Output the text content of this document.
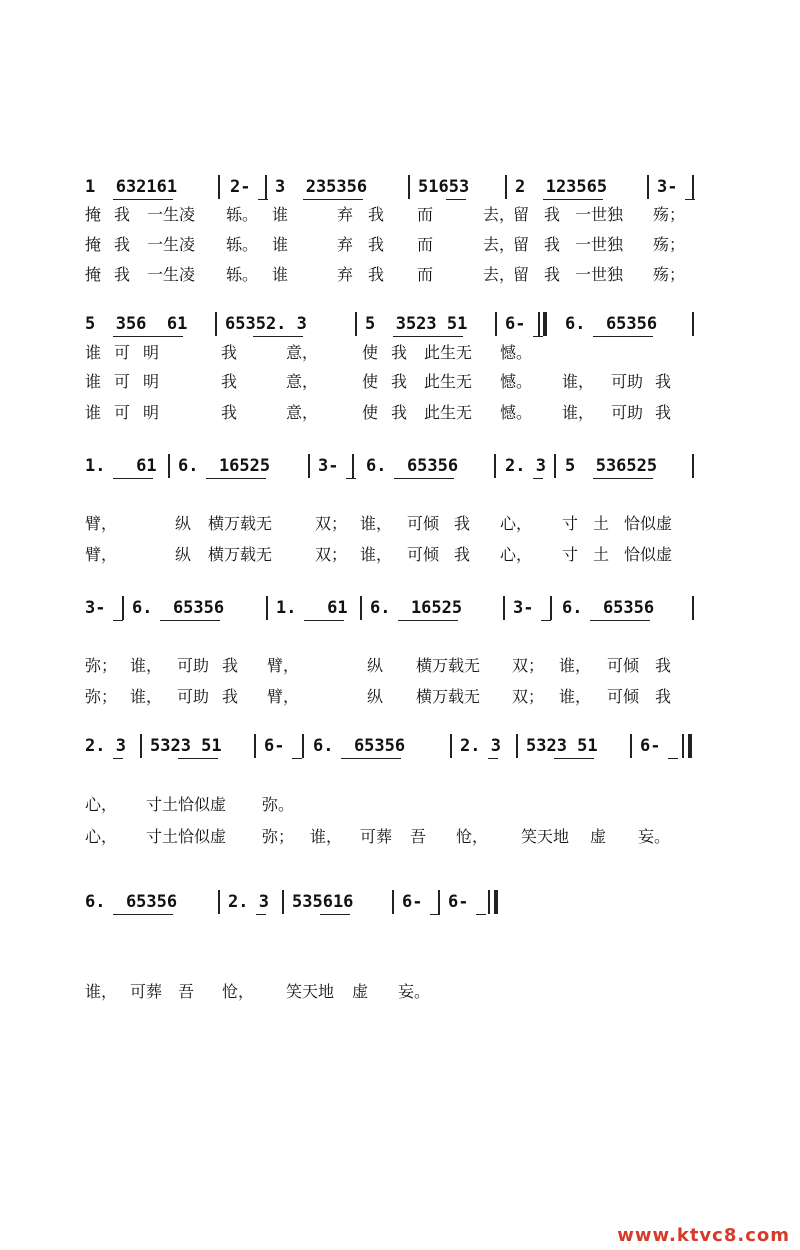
1  632161	2- 3  235356	51653	2  123565	3-
掩 我 一生凌 轹。 谁	弃 我 而	去，
留 我 一世独 殇；
掩 我 一生凌 轹。 谁	弃 我 而	去，
留 我 一世独 殇；
掩 我 一生凌 轹。 谁	弃 我 而	去，
留 我 一世独 殇；
5  356  61 65352. 3	5  3523 51 6- 6.  65356
谁 可 明	我	意，	使 我 此生无 憾。
谁 可 明	我	意，	使 我 此生无 憾。 谁， 可助 我
谁 可 明	我	意，	使 我 此生无 憾。 谁， 可助 我
1.   61 6.  16525	3- 6.  65356	2. 3 5  536525
臂，	纵 横万载无	双； 谁， 可倾 我 心， 寸 土 恰似虚
臂，	纵 横万载无	双； 谁， 可倾 我 心， 寸 土 恰似虚
3- 6.  65356	1.   61 6.  16525	3- 6.  65356
弥； 谁， 可助 我 臂，	纵 横万载无 双； 谁， 可倾 我
弥； 谁， 可助 我 臂，	纵 横万载无 双； 谁， 可倾 我
2. 3 5323 51 6- 6.  65356	2. 3 5323 51 6-
心， 寸土恰似虚 弥。
心， 寸土恰似虚 弥； 谁， 可葬 吾 怆， 笑天地 虚 妄。
6.  65356	2. 3 535616	6- 6-
谁， 可葬 吾 怆， 笑天地 虚 妄。
www.ktvc8.com
